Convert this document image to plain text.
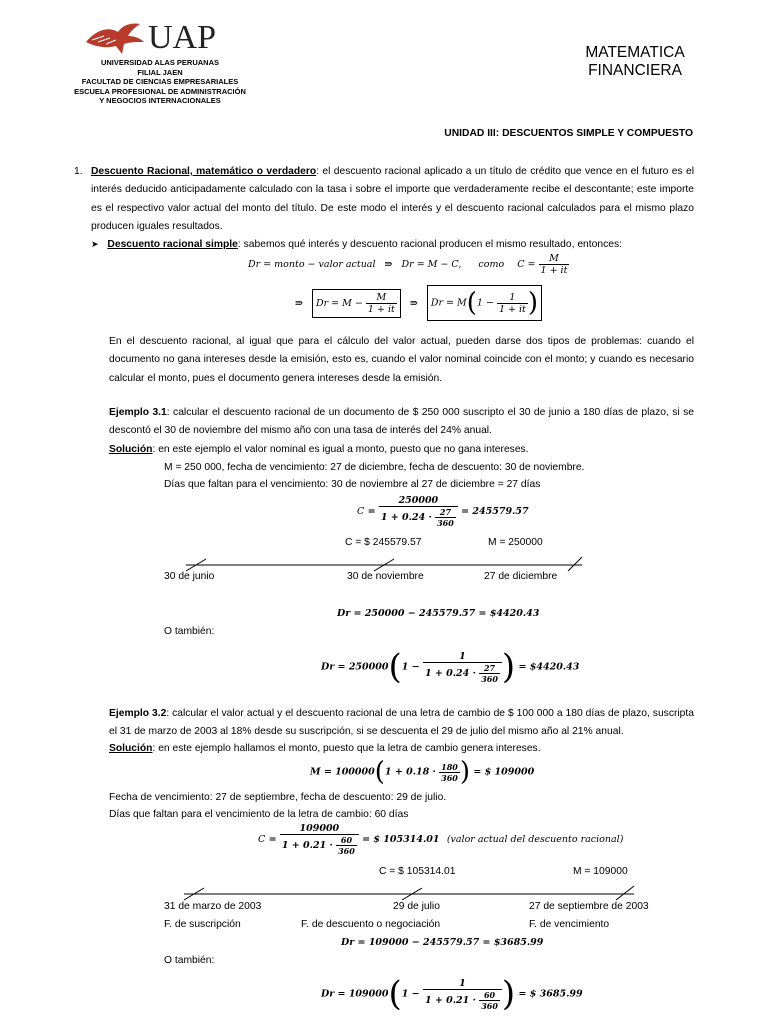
UAP
UNIVERSIDAD ALAS PERUANAS
FILIAL JAEN
FACULTAD DE CIENCIAS EMPRESARIALES
ESCUELA PROFESIONAL DE ADMINISTRACIÓN
Y NEGOCIOS INTERNACIONALES
MATEMATICA
FINANCIERA
UNIDAD III: DESCUENTOS SIMPLE Y COMPUESTO
1. Descuento Racional, matemático o verdadero: el descuento racional aplicado a un título de crédito que vence en el futuro es el interés deducido anticipadamente calculado con la tasa i sobre el importe que verdaderamente recibe el descontante; este importe es el respectivo valor actual del monto del título. De este modo el interés y el descuento racional calculados para el mismo plazo producen iguales resultados.
➤ Descuento racional simple: sabemos qué interés y descuento racional producen el mismo resultado, entonces:
Dr = monto − valor actual ⇛ Dr = M − C, como $C = \frac{M}{1 + it}$
⇛ $Dr = M - \frac{M}{1 + it}$ ⇛ $Dr = M(1 - \frac{1}{1 + it}$ )
En el descuento racional, al igual que para el cálculo del valor actual, pueden darse dos tipos de problemas: cuando el documento no gana intereses desde la emisión, esto es, cuando el valor nominal coincide con el monto; y cuando es necesario calcular el monto, pues el documento genera intereses desde la emisión.
Ejemplo 3.1: calcular el descuento racional de un documento de $ 250 000 suscripto el 30 de junio a 180 días de plazo, si se descontó el 30 de noviembre del mismo año con una tasa de interés del 24% anual.
Solución: en este ejemplo el valor nominal es igual a monto, puesto que no gana intereses.
M = 250 000, fecha de vencimiento: 27 de diciembre, fecha de descuento: 30 de noviembre.
Días que faltan para el vencimiento: 30 de noviembre al 27 de diciembre = 27 días
$C = \frac{250000}{1 + 0.24 \cdot \frac{27}{360}} = 245579.57$
C = $ 245579.57	M = 250000
30 de junio	30 de noviembre	27 de diciembre
Dr = 250000 − 245579.57 = $4420.43
O también:
$Dr = 250000(1 - \frac{1}{1 + 0.24 \cdot \frac{27}{360}}$ ) = $4420.43
Ejemplo 3.2: calcular el valor actual y el descuento racional de una letra de cambio de $ 100 000 a 180 días de plazo, suscripta el 31 de marzo de 2003 al 18% desde su suscripción, si se descuenta el 29 de julio del mismo año al 21% anual.
Solución: en este ejemplo hallamos el monto, puesto que la letra de cambio genera intereses.
$M = 100000(1 + 0.18 \cdot \frac{180}{360}$ ) = $ 109000
Fecha de vencimiento: 27 de septiembre, fecha de descuento: 29 de julio.
Días que faltan para el vencimiento de la letra de cambio: 60 días
$C = \frac{109000}{1 + 0.21 \cdot \frac{60}{360}}$ = $ 105314.01 (valor actual del descuento racional)
C = $ 105314.01	M = 109000
31 de marzo de 2003	29 de julio	27 de septiembre de 2003
F. de suscripción	F. de descuento o negociación	F. de vencimiento
Dr = 109000 − 245579.57 = $3685.99
O también:
$Dr = 109000(1 - \frac{1}{1 + 0.21 \cdot \frac{60}{360}}$ ) = $ 3685.99
